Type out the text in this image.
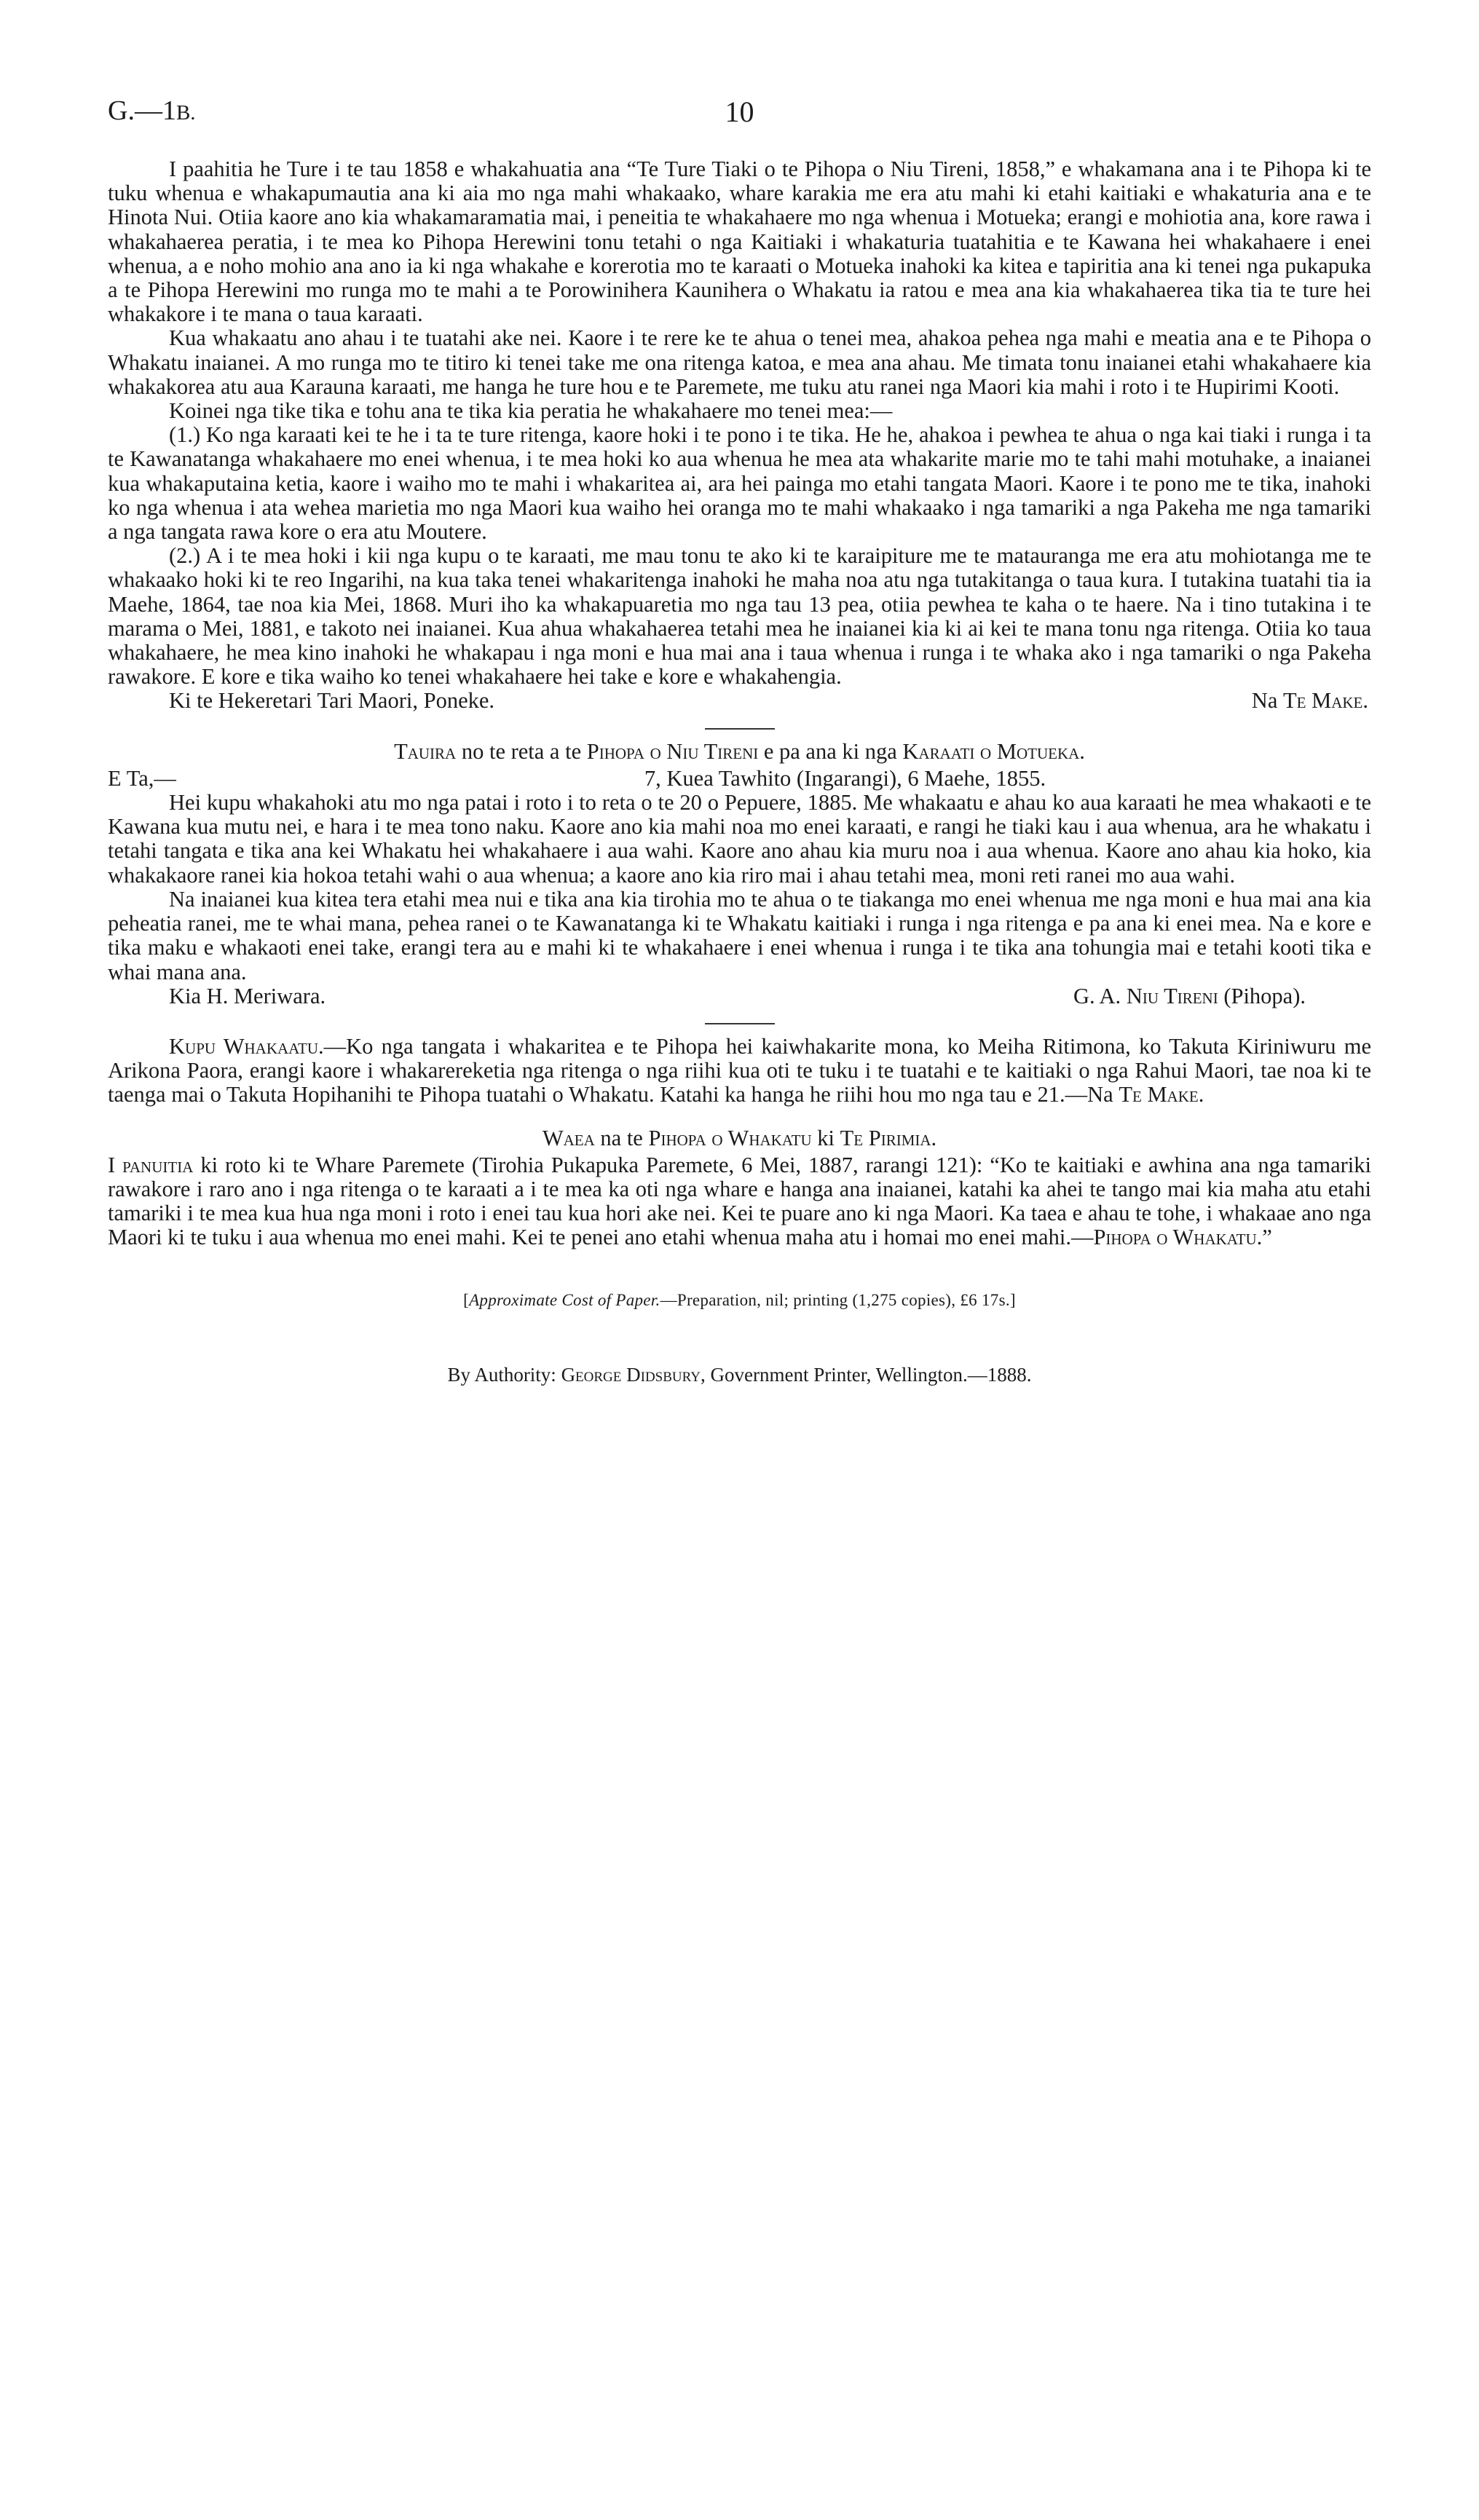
G.—1B.	10

I paahitia he Ture i te tau 1858 e whakahuatia ana “Te Ture Tiaki o te Pihopa o Niu Tireni, 1858,” e whakamana ana i te Pihopa ki te tuku whenua e whakapumautia ana ki aia mo nga mahi whakaako, whare karakia me era atu mahi ki etahi kaitiaki e whakaturia ana e te Hinota Nui. Otiia kaore ano kia whakamaramatia mai, i peneitia te whakahaere mo nga whenua i Motueka; erangi e mohiotia ana, kore rawa i whakahaerea peratia, i te mea ko Pihopa Herewini tonu tetahi o nga Kaitiaki i whakaturia tuatahitia e te Kawana hei whakahaere i enei whenua, a e noho mohio ana ano ia ki nga whakahe e korerotia mo te karaati o Motueka inahoki ka kitea e tapiritia ana ki tenei nga pukapuka a te Pihopa Herewini mo runga mo te mahi a te Porowinihera Kaunihera o Whakatu ia ratou e mea ana kia whakahaerea tika tia te ture hei whakakore i te mana o taua karaati.

Kua whakaatu ano ahau i te tuatahi ake nei. Kaore i te rere ke te ahua o tenei mea, ahakoa pehea nga mahi e meatia ana e te Pihopa o Whakatu inaianei. A mo runga mo te titiro ki tenei take me ona ritenga katoa, e mea ana ahau. Me timata tonu inaianei etahi whakahaere kia whakakorea atu aua Karauna karaati, me hanga he ture hou e te Paremete, me tuku atu ranei nga Maori kia mahi i roto i te Hupirimi Kooti.

Koinei nga tike tika e tohu ana te tika kia peratia he whakahaere mo tenei mea:—

(1.) Ko nga karaati kei te he i ta te ture ritenga, kaore hoki i te pono i te tika. He he, ahakoa i pewhea te ahua o nga kai tiaki i runga i ta te Kawanatanga whakahaere mo enei whenua, i te mea hoki ko aua whenua he mea ata whakarite marie mo te tahi mahi motuhake, a inaianei kua whakaputaina ketia, kaore i waiho mo te mahi i whakaritea ai, ara hei painga mo etahi tangata Maori. Kaore i te pono me te tika, inahoki ko nga whenua i ata wehea marietia mo nga Maori kua waiho hei oranga mo te mahi whakaako i nga tamariki a nga Pakeha me nga tamariki a nga tangata rawa kore o era atu Moutere.

(2.) A i te mea hoki i kii nga kupu o te karaati, me mau tonu te ako ki te karaipiture me te matauranga me era atu mohiotanga me te whakaako hoki ki te reo Ingarihi, na kua taka tenei whakaritenga inahoki he maha noa atu nga tutakitanga o taua kura. I tutakina tuatahi tia ia Maehe, 1864, tae noa kia Mei, 1868. Muri iho ka whakapuaretia mo nga tau 13 pea, otiia pewhea te kaha o te haere. Na i tino tutakina i te marama o Mei, 1881, e takoto nei inaianei. Kua ahua whakahaerea tetahi mea he inaianei kia ki ai kei te mana tonu nga ritenga. Otiia ko taua whakahaere, he mea kino inahoki he whakapau i nga moni e hua mai ana i taua whenua i runga i te whaka ako i nga tamariki o nga Pakeha rawakore. E kore e tika waiho ko tenei whakahaere hei take e kore e whakahengia.

Ki te Hekeretari Tari Maori, Poneke.	Na Te Make.
Tauira no te reta a te Pihopa o Niu Tireni e pa ana ki nga Karaati o Motueka.
E Ta,—	7, Kuea Tawhito (Ingarangi), 6 Maehe, 1855.

Hei kupu whakahoki atu mo nga patai i roto i to reta o te 20 o Pepuere, 1885. Me whakaatu e ahau ko aua karaati he mea whakaoti e te Kawana kua mutu nei, e hara i te mea tono naku. Kaore ano kia mahi noa mo enei karaati, e rangi he tiaki kau i aua whenua, ara he whakatu i tetahi tangata e tika ana kei Whakatu hei whakahaere i aua wahi. Kaore ano ahau kia muru noa i aua whenua. Kaore ano ahau kia hoko, kia whakakaore ranei kia hokoa tetahi wahi o aua whenua; a kaore ano kia riro mai i ahau tetahi mea, moni reti ranei mo aua wahi.

Na inaianei kua kitea tera etahi mea nui e tika ana kia tirohia mo te ahua o te tiakanga mo enei whenua me nga moni e hua mai ana kia peheatia ranei, me te whai mana, pehea ranei o te Kawanatanga ki te Whakatu kaitiaki i runga i nga ritenga e pa ana ki enei mea. Na e kore e tika maku e whakaoti enei take, erangi tera au e mahi ki te whakahaere i enei whenua i runga i te tika ana tohungia mai e tetahi kooti tika e whai mana ana.

Kia H. Meriwara.	G. A. Niu Tireni (Pihopa).

Kupu Whakaatu.—Ko nga tangata i whakaritea e te Pihopa hei kaiwhakarite mona, ko Meiha Ritimona, ko Takuta Kiriniwuru me Arikona Paora, erangi kaore i whakarereketia nga ritenga o nga riihi kua oti te tuku i te tuatahi e te kaitiaki o nga Rahui Maori, tae noa ki te taenga mai o Takuta Hopihanihi te Pihopa tuatahi o Whakatu. Katahi ka hanga he riihi hou mo nga tau e 21.—Na Te Make.

Waea na te Pihopa o Whakatu ki Te Pirimia.

I panuitia ki roto ki te Whare Paremete (Tirohia Pukapuka Paremete, 6 Mei, 1887, rarangi 121): “Ko te kaitiaki e awhina ana nga tamariki rawakore i raro ano i nga ritenga o te karaati a i te mea ka oti nga whare e hanga ana inaianei, katahi ka ahei te tango mai kia maha atu etahi tamariki i te mea kua hua nga moni i roto i enei tau kua hori ake nei. Kei te puare ano ki nga Maori. Ka taea e ahau te tohe, i whakaae ano nga Maori ki te tuku i aua whenua mo enei mahi. Kei te penei ano etahi whenua maha atu i homai mo enei mahi.—Pihopa o Whakatu.”

[Approximate Cost of Paper.—Preparation, nil; printing (1,275 copies), £6 17s.]
By Authority: George Didsbury, Government Printer, Wellington.—1888.
